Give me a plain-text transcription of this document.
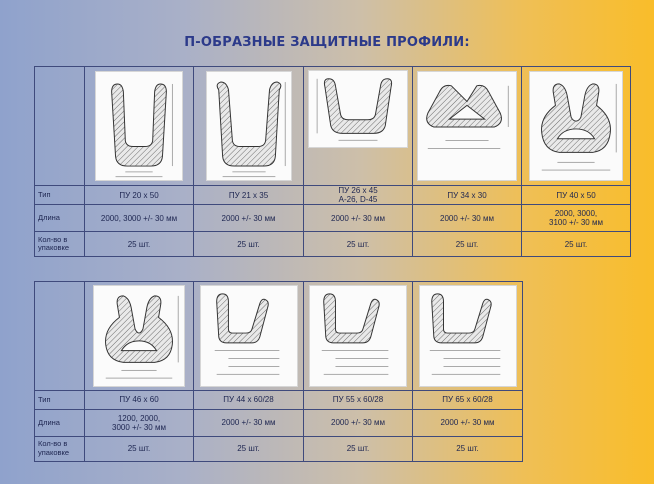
П-ОБРАЗНЫЕ ЗАЩИТНЫЕ ПРОФИЛИ:

Тип	ПУ 20 х 50	ПУ 21 х 35	ПУ 26 х 45
А-26, D-45	ПУ 34 х 30	ПУ 40 х 50
Длина	2000, 3000 +/- 30 мм	2000 +/- 30 мм	2000 +/- 30 мм	2000 +/- 30 мм	2000, 3000,
3100 +/- 30 мм
Кол-во в
упаковке	25 шт.	25 шт.	25 шт.	25 шт.	25 шт.

Тип	ПУ 46 х 60	ПУ 44 х 60/28	ПУ 55 х 60/28	ПУ 65 х 60/28
Длина	1200, 2000,
3000 +/- 30 мм	2000 +/- 30 мм	2000 +/- 30 мм	2000 +/- 30 мм
Кол-во в
упаковке	25 шт.	25 шт.	25 шт.	25 шт.
